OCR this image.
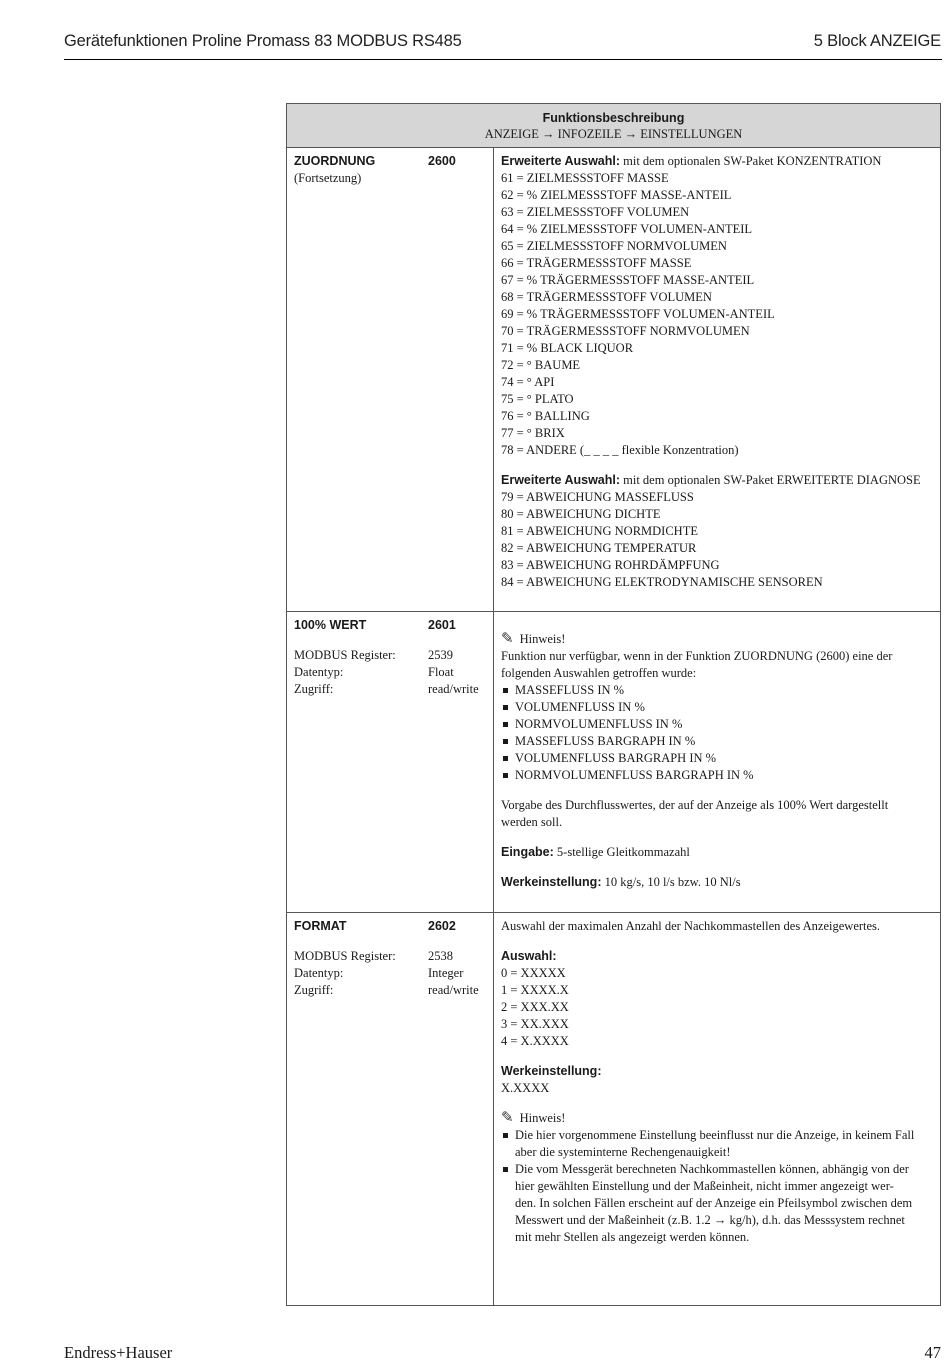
Gerätefunktionen Proline Promass 83 MODBUS RS485	5 Block ANZEIGE
Funktionsbeschreibung
ANZEIGE → INFOZEILE → EINSTELLUNGEN
ZUORDNUNG	2600
(Fortsetzung)
Erweiterte Auswahl: mit dem optionalen SW-Paket KONZENTRATION
61 = ZIELMESSSTOFF MASSE
62 = % ZIELMESSSTOFF MASSE-ANTEIL
63 = ZIELMESSSTOFF VOLUMEN
64 = % ZIELMESSSTOFF VOLUMEN-ANTEIL
65 = ZIELMESSSTOFF NORMVOLUMEN
66 = TRÄGERMESSSTOFF MASSE
67 = % TRÄGERMESSSTOFF MASSE-ANTEIL
68 = TRÄGERMESSSTOFF VOLUMEN
69 = % TRÄGERMESSSTOFF VOLUMEN-ANTEIL
70 = TRÄGERMESSSTOFF NORMVOLUMEN
71 = % BLACK LIQUOR
72 = ° BAUME
74 = ° API
75 = ° PLATO
76 = ° BALLING
77 = ° BRIX
78 = ANDERE (_ _ _ _ flexible Konzentration)
Erweiterte Auswahl: mit dem optionalen SW-Paket ERWEITERTE DIAGNOSE
79 = ABWEICHUNG MASSEFLUSS
80 = ABWEICHUNG DICHTE
81 = ABWEICHUNG NORMDICHTE
82 = ABWEICHUNG TEMPERATUR
83 = ABWEICHUNG ROHRDÄMPFUNG
84 = ABWEICHUNG ELEKTRODYNAMISCHE SENSOREN
100% WERT	2601
MODBUS Register:	2539
Datentyp:	Float
Zugriff:	read/write
✎ Hinweis!
Funktion nur verfügbar, wenn in der Funktion ZUORDNUNG (2600) eine der
folgenden Auswahlen getroffen wurde:
MASSEFLUSS IN %
VOLUMENFLUSS IN %
NORMVOLUMENFLUSS IN %
MASSEFLUSS BARGRAPH IN %
VOLUMENFLUSS BARGRAPH IN %
NORMVOLUMENFLUSS BARGRAPH IN %
Vorgabe des Durchflusswertes, der auf der Anzeige als 100% Wert dargestellt
werden soll.
Eingabe: 5-stellige Gleitkommazahl
Werkeinstellung: 10 kg/s, 10 l/s bzw. 10 Nl/s
FORMAT	2602
MODBUS Register:	2538
Datentyp:	Integer
Zugriff:	read/write
Auswahl der maximalen Anzahl der Nachkommastellen des Anzeigewertes.
Auswahl:
0 = XXXXX
1 = XXXX.X
2 = XXX.XX
3 = XX.XXX
4 = X.XXXX
Werkeinstellung:
X.XXXX
✎ Hinweis!
Die hier vorgenommene Einstellung beeinflusst nur die Anzeige, in keinem Fall
aber die systeminterne Rechengenauigkeit!
Die vom Messgerät berechneten Nachkommastellen können, abhängig von der
hier gewählten Einstellung und der Maßeinheit, nicht immer angezeigt wer-
den. In solchen Fällen erscheint auf der Anzeige ein Pfeilsymbol zwischen dem
Messwert und der Maßeinheit (z.B. 1.2 → kg/h), d.h. das Messsystem rechnet
mit mehr Stellen als angezeigt werden können.
Endress+Hauser	47
